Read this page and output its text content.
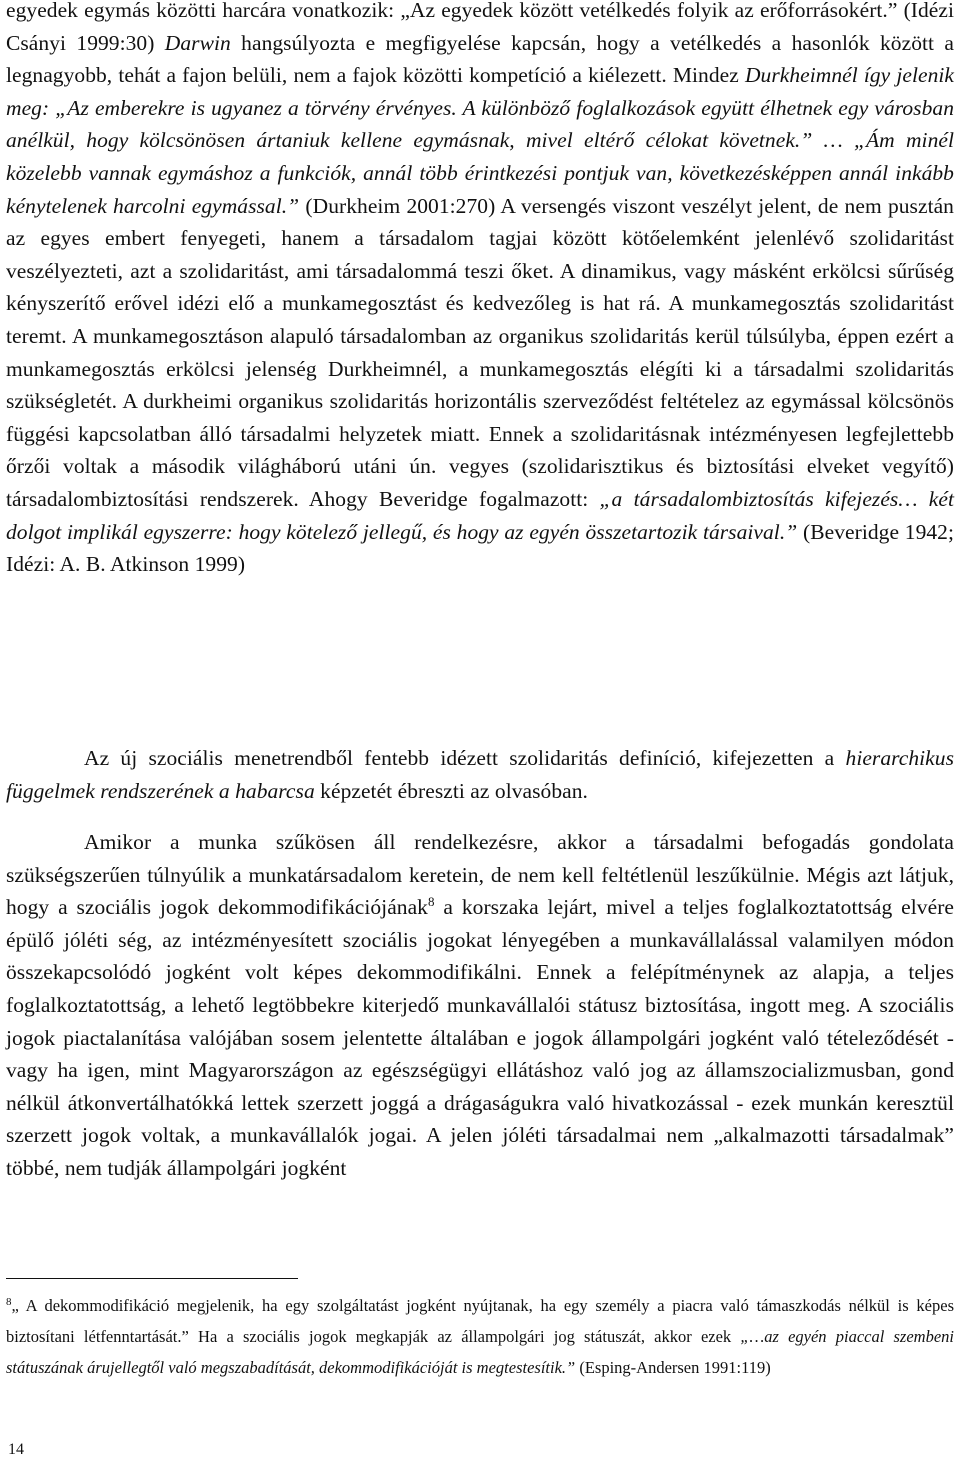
egyedek egymás közötti harcára vonatkozik: „Az egyedek között vetélkedés folyik az erőforrásokért.” (Idézi Csányi 1999:30) Darwin hangsúlyozta e megfigyelése kapcsán, hogy a vetélkedés a hasonlók között a legnagyobb, tehát a fajon belüli, nem a fajok közötti kompetíció a kiélezett. Mindez Durkheimnél így jelenik meg: „Az emberekre is ugyanez a törvény érvényes. A különböző foglalkozások együtt élhetnek egy városban anélkül, hogy kölcsönösen ártaniuk kellene egymásnak, mivel eltérő célokat követnek.” … „Ám minél közelebb vannak egymáshoz a funkciók, annál több érintkezési pontjuk van, következésképpen annál inkább kénytelenek harcolni egymással.” (Durkheim 2001:270) A versengés viszont veszélyt jelent, de nem pusztán az egyes embert fenyegeti, hanem a társadalom tagjai között kötőelemként jelenlévő szolidaritást veszélyezteti, azt a szolidaritást, ami társadalommá teszi őket. A dinamikus, vagy másként erkölcsi sűrűség kényszerítő erővel idézi elő a munkamegosztást és kedvezőleg is hat rá. A munkamegosztás szolidaritást teremt. A munkamegosztáson alapuló társadalomban az organikus szolidaritás kerül túlsúlyba, éppen ezért a munkamegosztás erkölcsi jelenség Durkheimnél, a munkamegosztás elégíti ki a társadalmi szolidaritás szükségletét. A durkheimi organikus szolidaritás horizontális szerveződést feltételez az egymással kölcsönös függési kapcsolatban álló társadalmi helyzetek miatt. Ennek a szolidaritásnak intézményesen legfejlettebb őrzői voltak a második világháború utáni ún. vegyes (szolidarisztikus és biztosítási elveket vegyítő) társadalombiztosítási rendszerek. Ahogy Beveridge fogalmazott: „a társadalombiztosítás kifejezés… két dolgot implikál egyszerre: hogy kötelező jellegű, és hogy az egyén összetartozik társaival.” (Beveridge 1942; Idézi: A. B. Atkinson 1999)

Az új szociális menetrendből fentebb idézett szolidaritás definíció, kifejezetten a hierarchikus függelmek rendszerének a habarcsa képzetét ébreszti az olvasóban.

Amikor a munka szűkösen áll rendelkezésre, akkor a társadalmi befogadás gondolata szükségszerűen túlnyúlik a munkatársadalom keretein, de nem kell feltétlenül leszűkülnie. Mégis azt látjuk, hogy a szociális jogok dekommodifikációjának$^8$ a korszaka lejárt, mivel a teljes foglalkoztatottság elvére épülő jóléti ség, az intézményesített szociális jogokat lényegében a munkavállalással valamilyen módon összekapcsolódó jogként volt képes dekommodifikálni. Ennek a felépítménynek az alapja, a teljes foglalkoztatottság, a lehető legtöbbekre kiterjedő munkavállalói státusz biztosítása, ingott meg. A szociális jogok piactalanítása valójában sosem jelentette általában e jogok állampolgári jogként való tételeződését - vagy ha igen, mint Magyarországon az egészségügyi ellátáshoz való jog az államszocializmusban, gond nélkül átkonvertálhatókká lettek szerzett joggá a drágaságukra való hivatkozással - ezek munkán keresztül szerzett jogok voltak, a munkavállalók jogai. A jelen jóléti társadalmai nem „alkalmazotti társadalmak” többé, nem tudják állampolgári jogként

$^8$„ A dekommodifikáció megjelenik, ha egy szolgáltatást jogként nyújtanak, ha egy személy a piacra való támaszkodás nélkül is képes biztosítani létfenntartását.” Ha a szociális jogok megkapják az állampolgári jog státuszát, akkor ezek „…az egyén piaccal szembeni státuszának árujellegtől való megszabadítását, dekommodifikációját is megtestesítik.” (Esping-Andersen 1991:119)

14
